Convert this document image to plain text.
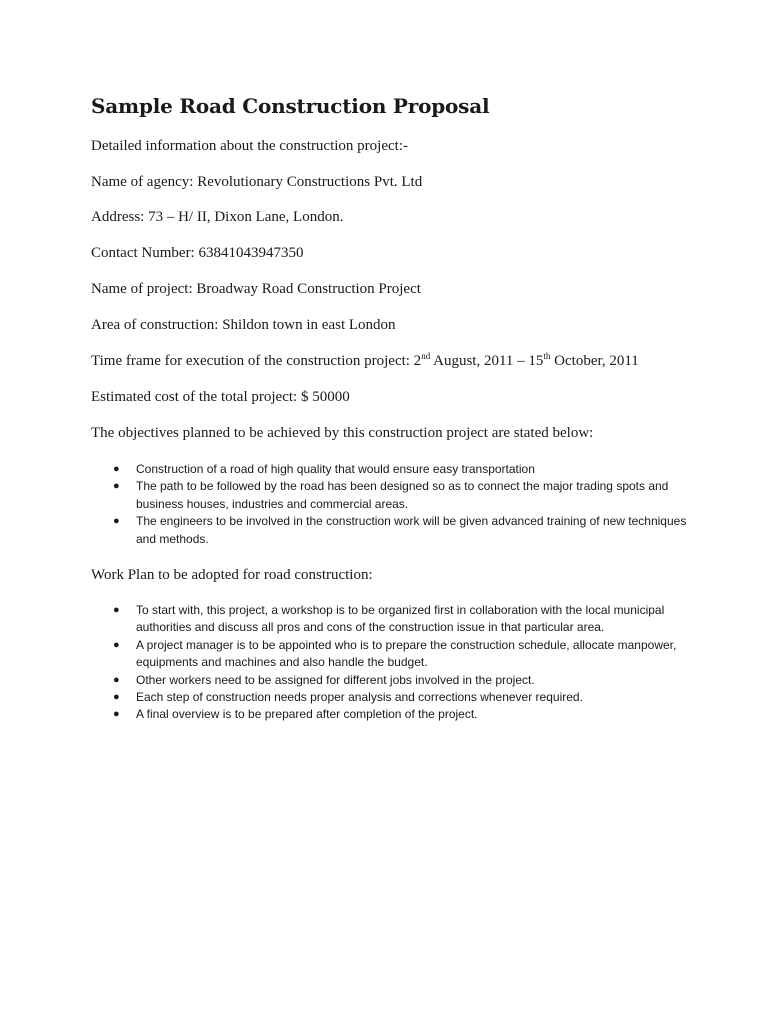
Sample Road Construction Proposal

Detailed information about the construction project:-

Name of agency: Revolutionary Constructions Pvt. Ltd

Address: 73 – H/ II, Dixon Lane, London.

Contact Number: 63841043947350

Name of project: Broadway Road Construction Project

Area of construction: Shildon town in east London

Time frame for execution of the construction project: 2nd August, 2011 – 15th October, 2011

Estimated cost of the total project: $ 50000

The objectives planned to be achieved by this construction project are stated below:

● Construction of a road of high quality that would ensure easy transportation
● The path to be followed by the road has been designed so as to connect the major trading spots and business houses, industries and commercial areas.
● The engineers to be involved in the construction work will be given advanced training of new techniques and methods.

Work Plan to be adopted for road construction:

● To start with, this project, a workshop is to be organized first in collaboration with the local municipal authorities and discuss all pros and cons of the construction issue in that particular area.
● A project manager is to be appointed who is to prepare the construction schedule, allocate manpower, equipments and machines and also handle the budget.
● Other workers need to be assigned for different jobs involved in the project.
● Each step of construction needs proper analysis and corrections whenever required.
● A final overview is to be prepared after completion of the project.
